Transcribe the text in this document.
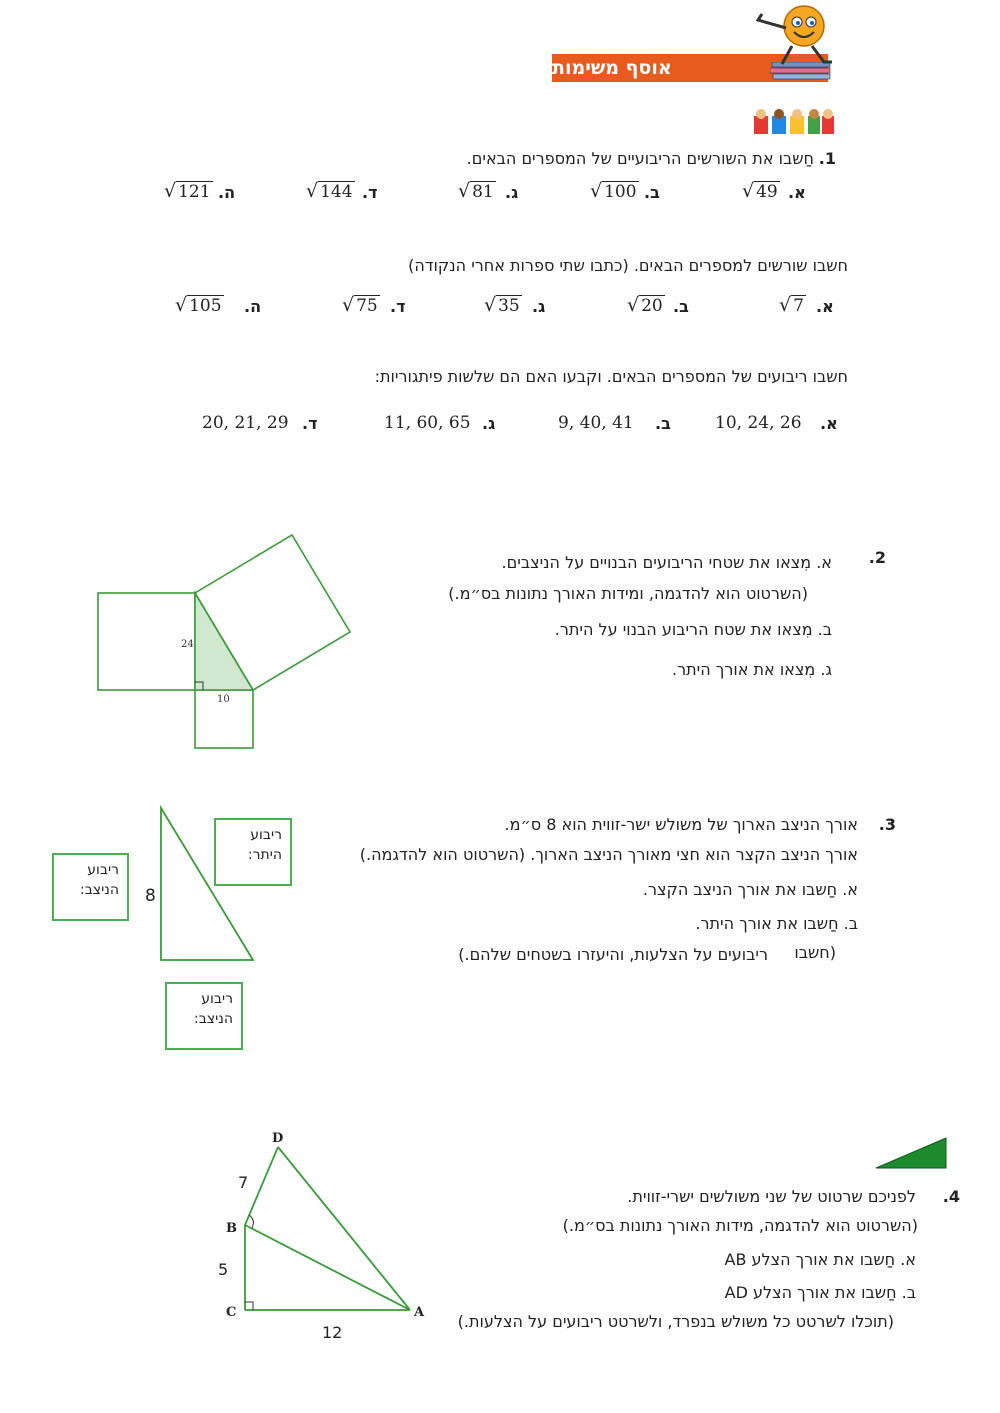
אוסף משימות
1.
חַשבו את השורשים הריבועיים של המספרים הבאים.
א.
√ 49
ב.
√ 100
ג.
√ 81
ד.
√ 144
ה.
√ 121
חשבו שורשים למספרים הבאים. (כתבו שתי ספרות אחרי הנקודה)
א.
√ 7
ב.
√ 20
ג.
√ 35
ד.
√ 75
ה.
√ 105
חשבו ריבועים של המספרים הבאים. וקבעו האם הם שלשות פיתגוריות:
א.
10, 24, 26
ב.
9, 40, 41
ג.
11, 60, 65
ד.
20, 21, 29
2.
א. מִצאו את שטחי הריבועים הבנויים על הניצבים.
(השרטוט הוא להדגמה, ומידות האורך נתונות בס״מ.)
ב. מִצאו את שטח הריבוע הבנוי על היתר.
ג. מִצאו את אורך היתר.
24
10
3.
אורך הניצב הארוך של משולש ישר-זווית הוא 8 ס״מ.
אורך הניצב הקצר הוא חצי מאורך הניצב הארוך. (השרטוט הוא להדגמה.)
א. חַשבו את אורך הניצב הקצר.
ב. חַשבו את אורך היתר.
(חשבו
ריבועים על הצלעות, והיעזרו בשטחים שלהם.)
8
ריבוע
היתר:
ריבוע
הניצב:
ריבוע
הניצב:
4.
לפניכם שרטוט של שני משולשים ישרי-זווית.
(השרטוט הוא להדגמה, מידות האורך נתונות בס״מ.)
א. חַשבו את אורך הצלע AB
ב. חַשבו את אורך הצלע AD
(תוכלו לשרטט כל משולש בנפרד, ולשרטט ריבועים על הצלעות.)
D
B
C	A
7
5
12
